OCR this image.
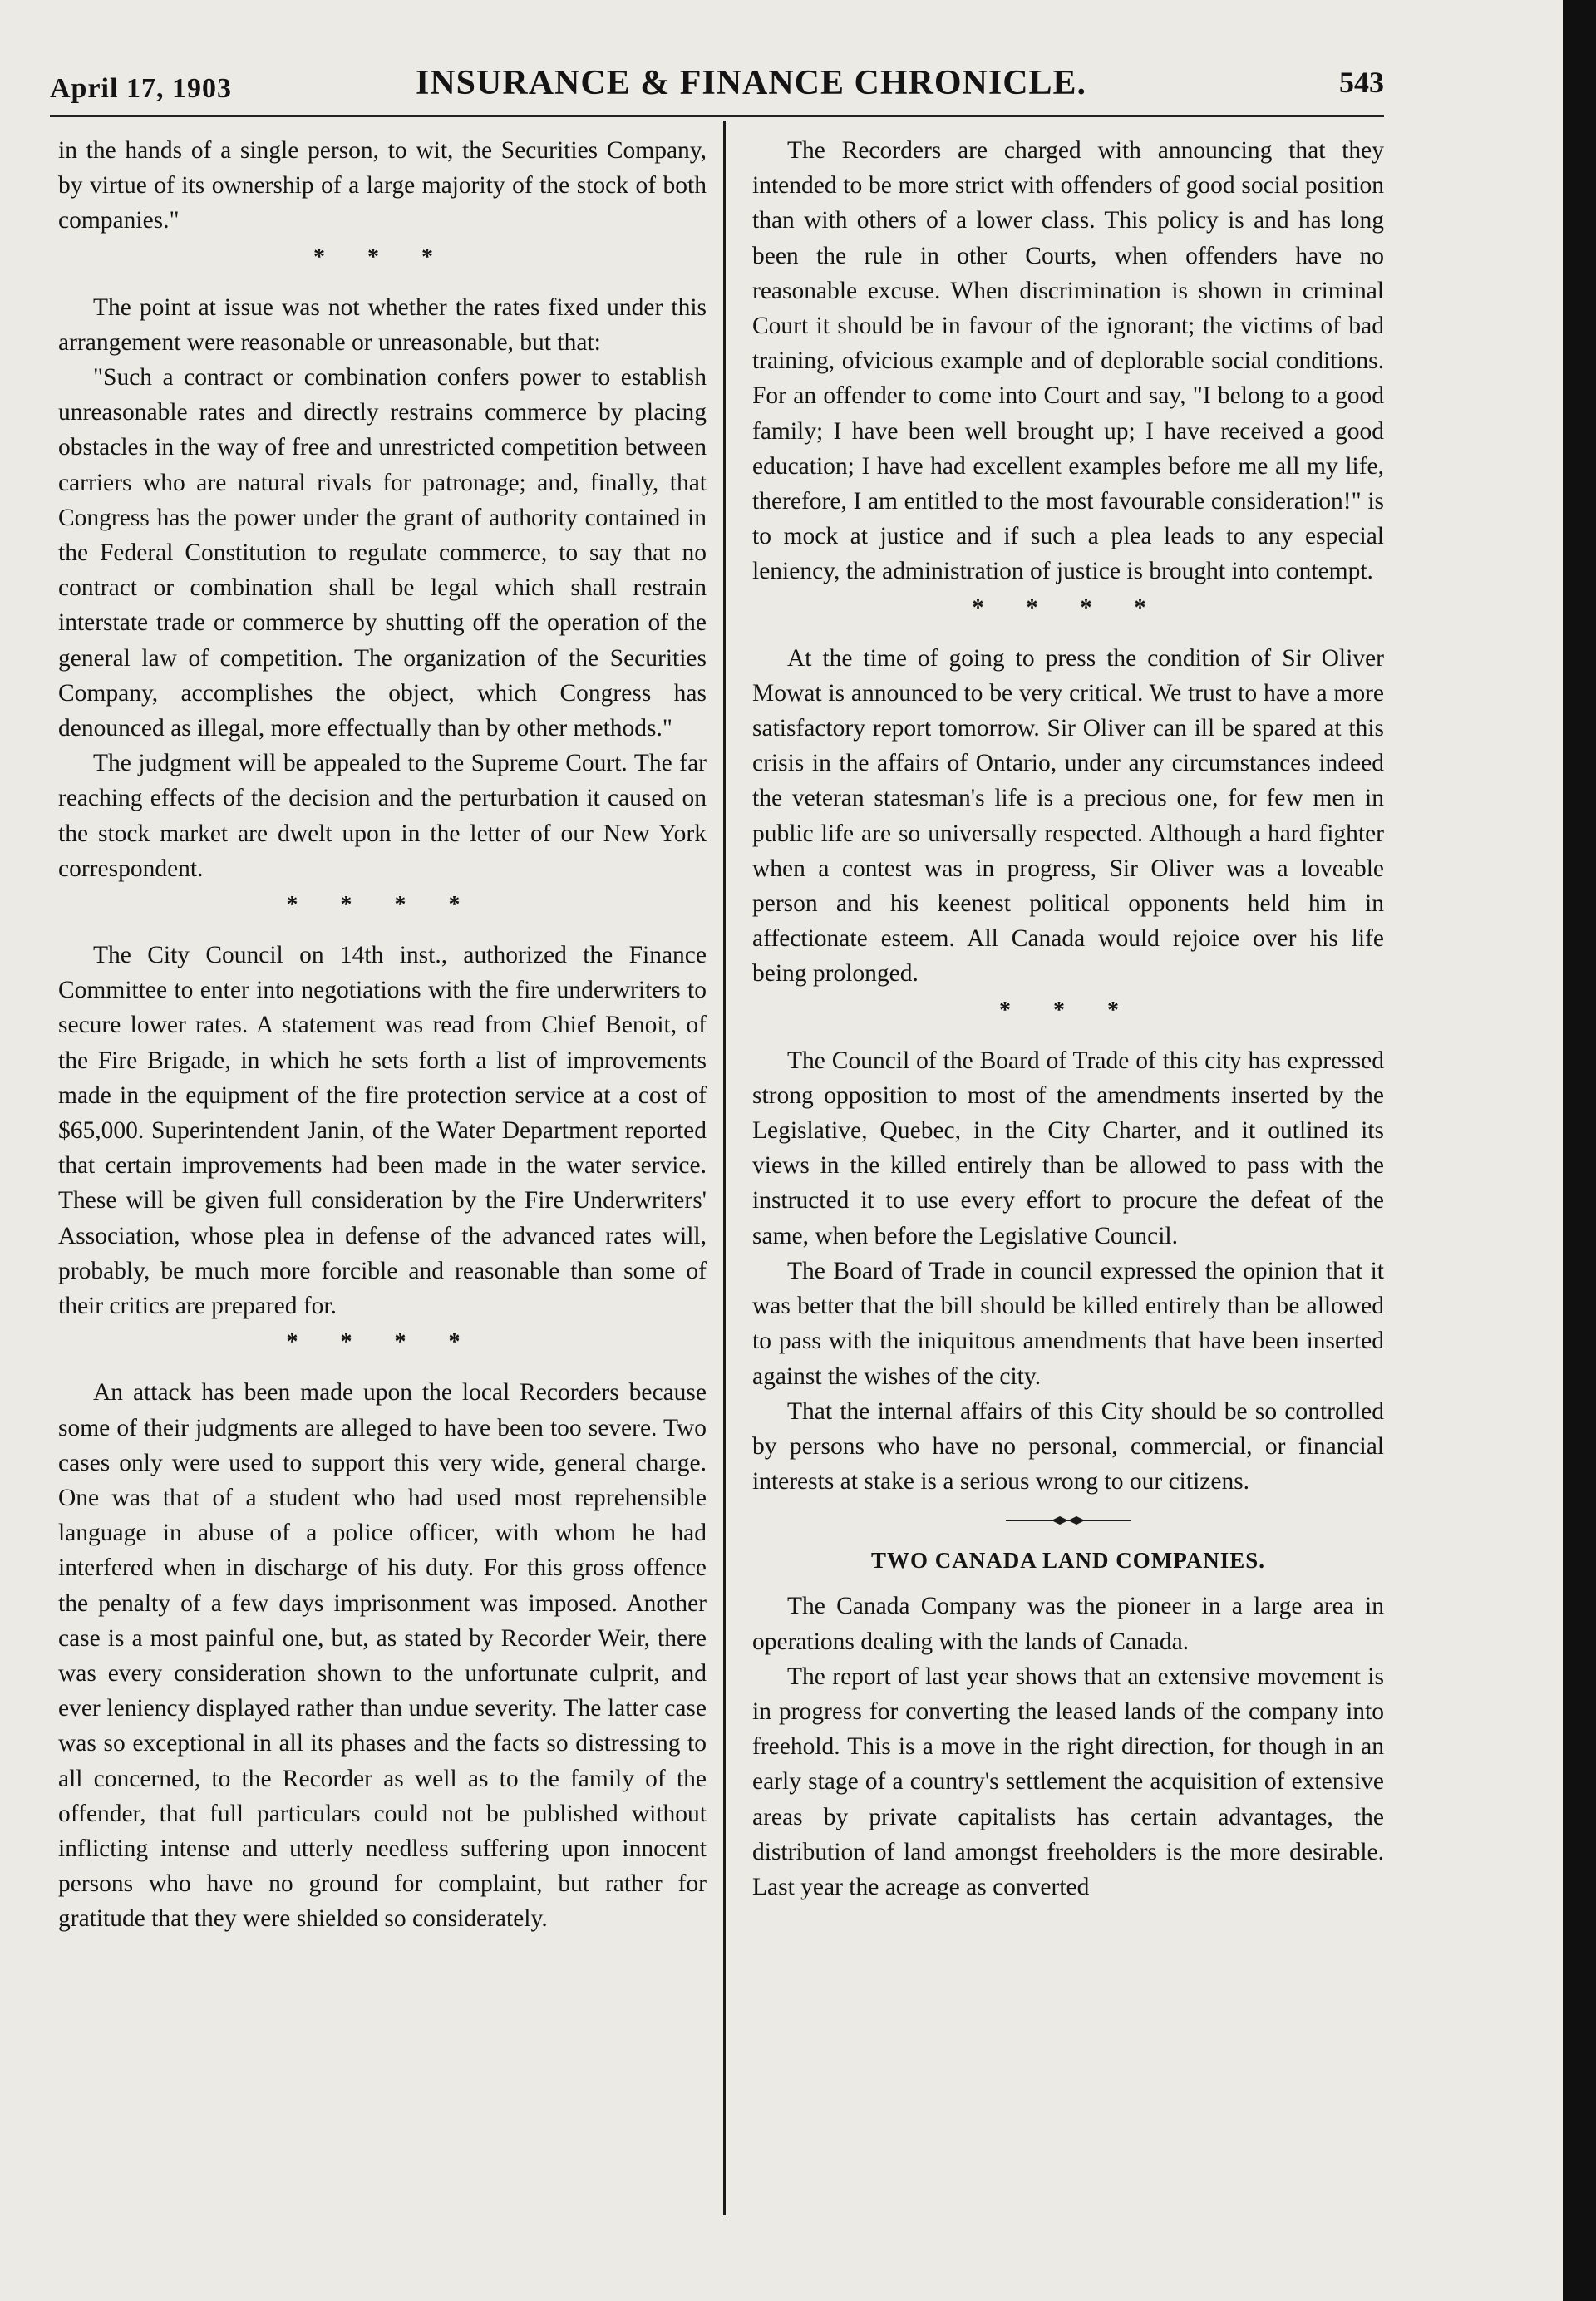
April 17, 1903	INSURANCE & FINANCE CHRONICLE.	543

in the hands of a single person, to wit, the Securities Company, by virtue of its ownership of a large majority of the stock of both companies."

* * *

The point at issue was not whether the rates fixed under this arrangement were reasonable or unreasonable, but that:

"Such a contract or combination confers power to establish unreasonable rates and directly restrains commerce by placing obstacles in the way of free and unrestricted competition between carriers who are natural rivals for patronage; and, finally, that Congress has the power under the grant of authority contained in the Federal Constitution to regulate commerce, to say that no contract or combination shall be legal which shall restrain interstate trade or commerce by shutting off the operation of the general law of competition. The organization of the Securities Company, accomplishes the object, which Congress has denounced as illegal, more effectually than by other methods."

The judgment will be appealed to the Supreme Court. The far reaching effects of the decision and the perturbation it caused on the stock market are dwelt upon in the letter of our New York correspondent.

* * * *

The City Council on 14th inst., authorized the Finance Committee to enter into negotiations with the fire underwriters to secure lower rates. A statement was read from Chief Benoit, of the Fire Brigade, in which he sets forth a list of improvements made in the equipment of the fire protection service at a cost of $65,000. Superintendent Janin, of the Water Department reported that certain improvements had been made in the water service. These will be given full consideration by the Fire Underwriters' Association, whose plea in defense of the advanced rates will, probably, be much more forcible and reasonable than some of their critics are prepared for.

* * * *

An attack has been made upon the local Recorders because some of their judgments are alleged to have been too severe. Two cases only were used to support this very wide, general charge. One was that of a student who had used most reprehensible language in abuse of a police officer, with whom he had interfered when in discharge of his duty. For this gross offence the penalty of a few days imprisonment was imposed. Another case is a most painful one, but, as stated by Recorder Weir, there was every consideration shown to the unfortunate culprit, and ever leniency displayed rather than undue severity. The latter case was so exceptional in all its phases and the facts so distressing to all concerned, to the Recorder as well as to the family of the offender, that full particulars could not be published without inflicting intense and utterly needless suffering upon innocent persons who have no ground for complaint, but rather for gratitude that they were shielded so considerately.

The Recorders are charged with announcing that they intended to be more strict with offenders of good social position than with others of a lower class. This policy is and has long been the rule in other Courts, when offenders have no reasonable excuse. When discrimination is shown in criminal Court it should be in favour of the ignorant; the victims of bad training, ofvicious example and of deplorable social conditions. For an offender to come into Court and say, "I belong to a good family; I have been well brought up; I have received a good education; I have had excellent examples before me all my life, therefore, I am entitled to the most favourable consideration!" is to mock at justice and if such a plea leads to any especial leniency, the administration of justice is brought into contempt.

* * * *

At the time of going to press the condition of Sir Oliver Mowat is announced to be very critical. We trust to have a more satisfactory report tomorrow. Sir Oliver can ill be spared at this crisis in the affairs of Ontario, under any circumstances indeed the veteran statesman's life is a precious one, for few men in public life are so universally respected. Although a hard fighter when a contest was in progress, Sir Oliver was a loveable person and his keenest political opponents held him in affectionate esteem. All Canada would rejoice over his life being prolonged.

* * *

The Council of the Board of Trade of this city has expressed strong opposition to most of the amendments inserted by the Legislative, Quebec, in the City Charter, and it outlined its views in the killed entirely than be allowed to pass with the instructed it to use every effort to procure the defeat of the same, when before the Legislative Council.

The Board of Trade in council expressed the opinion that it was better that the bill should be killed entirely than be allowed to pass with the iniquitous amendments that have been inserted against the wishes of the city.

That the internal affairs of this City should be so controlled by persons who have no personal, commercial, or financial interests at stake is a serious wrong to our citizens.

TWO CANADA LAND COMPANIES.

The Canada Company was the pioneer in a large area in operations dealing with the lands of Canada.

The report of last year shows that an extensive movement is in progress for converting the leased lands of the company into freehold. This is a move in the right direction, for though in an early stage of a country's settlement the acquisition of extensive areas by private capitalists has certain advantages, the distribution of land amongst freeholders is the more desirable. Last year the acreage as converted
